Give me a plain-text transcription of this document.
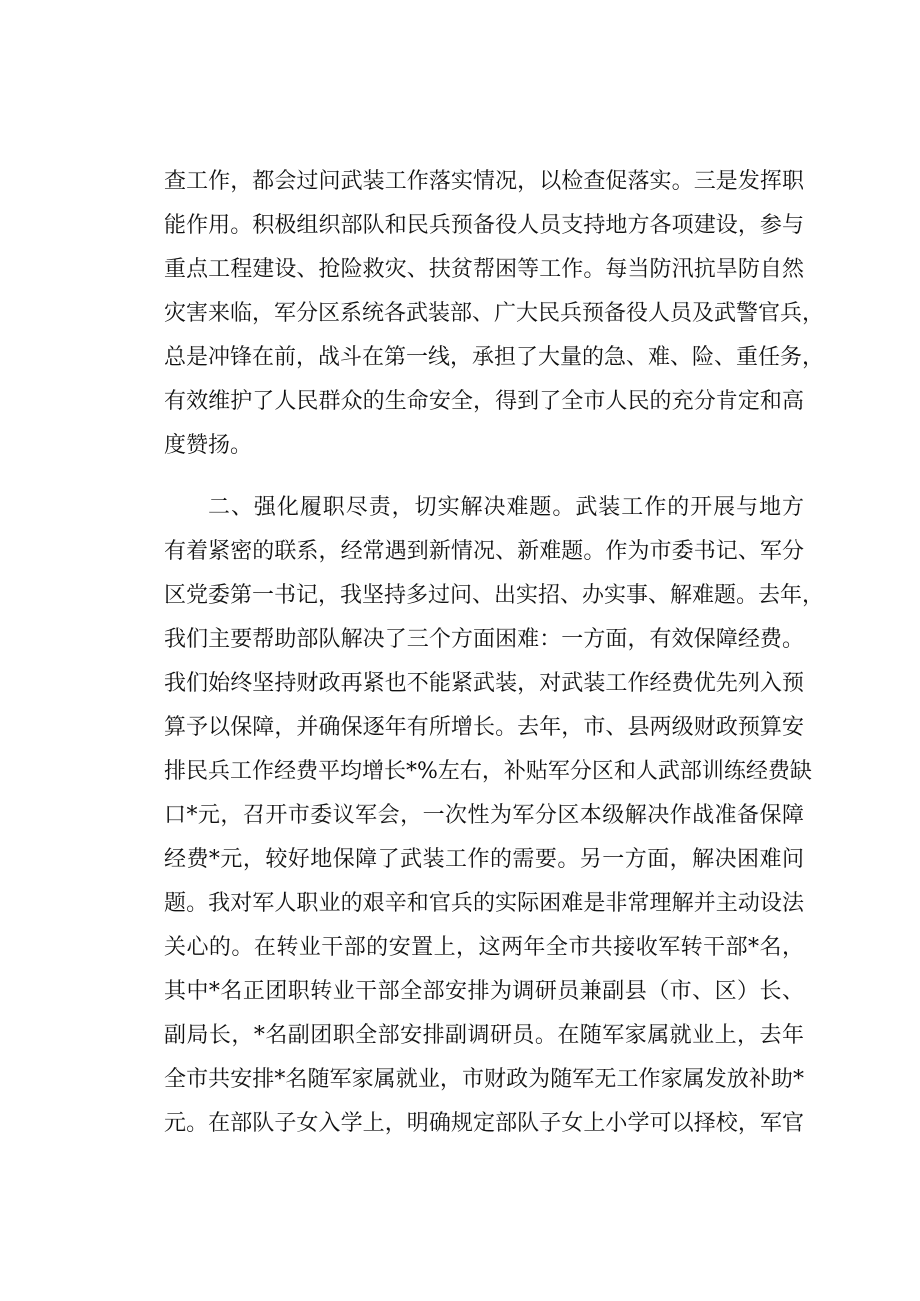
查工作，都会过问武装工作落实情况，以检查促落实。三是发挥职
能作用。积极组织部队和民兵预备役人员支持地方各项建设，参与
重点工程建设、抢险救灾、扶贫帮困等工作。每当防汛抗旱防自然
灾害来临，军分区系统各武装部、广大民兵预备役人员及武警官兵，
总是冲锋在前，战斗在第一线，承担了大量的急、难、险、重任务，
有效维护了人民群众的生命安全，得到了全市人民的充分肯定和高
度赞扬。
二、强化履职尽责，切实解决难题。武装工作的开展与地方
有着紧密的联系，经常遇到新情况、新难题。作为市委书记、军分
区党委第一书记，我坚持多过问、出实招、办实事、解难题。去年，
我们主要帮助部队解决了三个方面困难：一方面，有效保障经费。
我们始终坚持财政再紧也不能紧武装，对武装工作经费优先列入预
算予以保障，并确保逐年有所增长。去年，市、县两级财政预算安
排民兵工作经费平均增长*%左右，补贴军分区和人武部训练经费缺
口*元，召开市委议军会，一次性为军分区本级解决作战准备保障
经费*元，较好地保障了武装工作的需要。另一方面，解决困难问
题。我对军人职业的艰辛和官兵的实际困难是非常理解并主动设法
关心的。在转业干部的安置上，这两年全市共接收军转干部*名，
其中*名正团职转业干部全部安排为调研员兼副县（市、区）长、
副局长，*名副团职全部安排副调研员。在随军家属就业上，去年
全市共安排*名随军家属就业，市财政为随军无工作家属发放补助*
元。在部队子女入学上，明确规定部队子女上小学可以择校，军官
